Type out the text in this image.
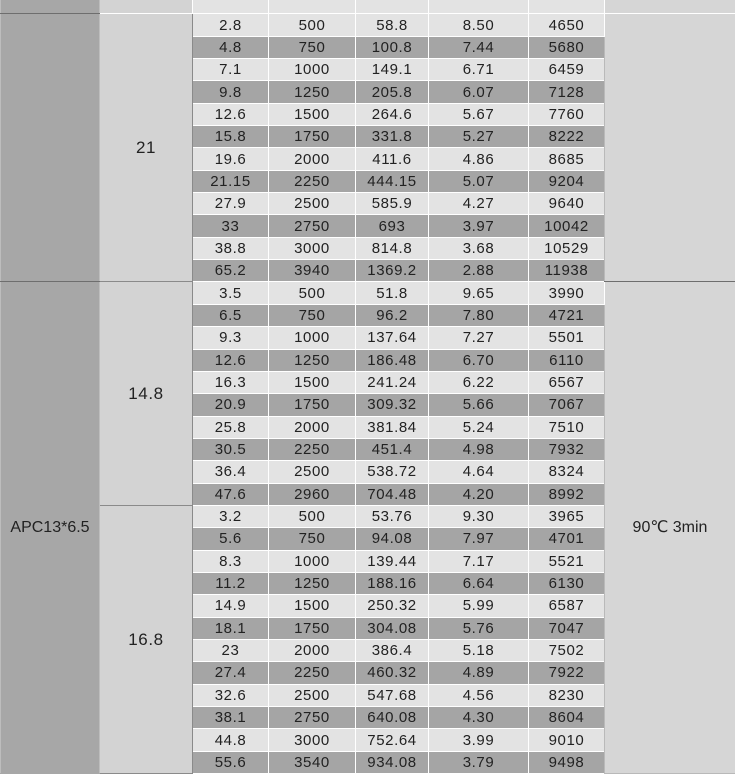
	21	2.8	500	58.8	8.50	4650	
		4.8	750	100.8	7.44	5680	
		7.1	1000	149.1	6.71	6459	
		9.8	1250	205.8	6.07	7128	
		12.6	1500	264.6	5.67	7760	
		15.8	1750	331.8	5.27	8222	
		19.6	2000	411.6	4.86	8685	
		21.15	2250	444.15	5.07	9204	
		27.9	2500	585.9	4.27	9640	
		33	2750	693	3.97	10042	
		38.8	3000	814.8	3.68	10529	
		65.2	3940	1369.2	2.88	11938	
APC13*6.5	14.8	3.5	500	51.8	9.65	3990	90℃ 3min
		6.5	750	96.2	7.80	4721	
		9.3	1000	137.64	7.27	5501	
		12.6	1250	186.48	6.70	6110	
		16.3	1500	241.24	6.22	6567	
		20.9	1750	309.32	5.66	7067	
		25.8	2000	381.84	5.24	7510	
		30.5	2250	451.4	4.98	7932	
		36.4	2500	538.72	4.64	8324	
		47.6	2960	704.48	4.20	8992	
	16.8	3.2	500	53.76	9.30	3965	
		5.6	750	94.08	7.97	4701	
		8.3	1000	139.44	7.17	5521	
		11.2	1250	188.16	6.64	6130	
		14.9	1500	250.32	5.99	6587	
		18.1	1750	304.08	5.76	7047	
		23	2000	386.4	5.18	7502	
		27.4	2250	460.32	4.89	7922	
		32.6	2500	547.68	4.56	8230	
		38.1	2750	640.08	4.30	8604	
		44.8	3000	752.64	3.99	9010	
		55.6	3540	934.08	3.79	9498	
